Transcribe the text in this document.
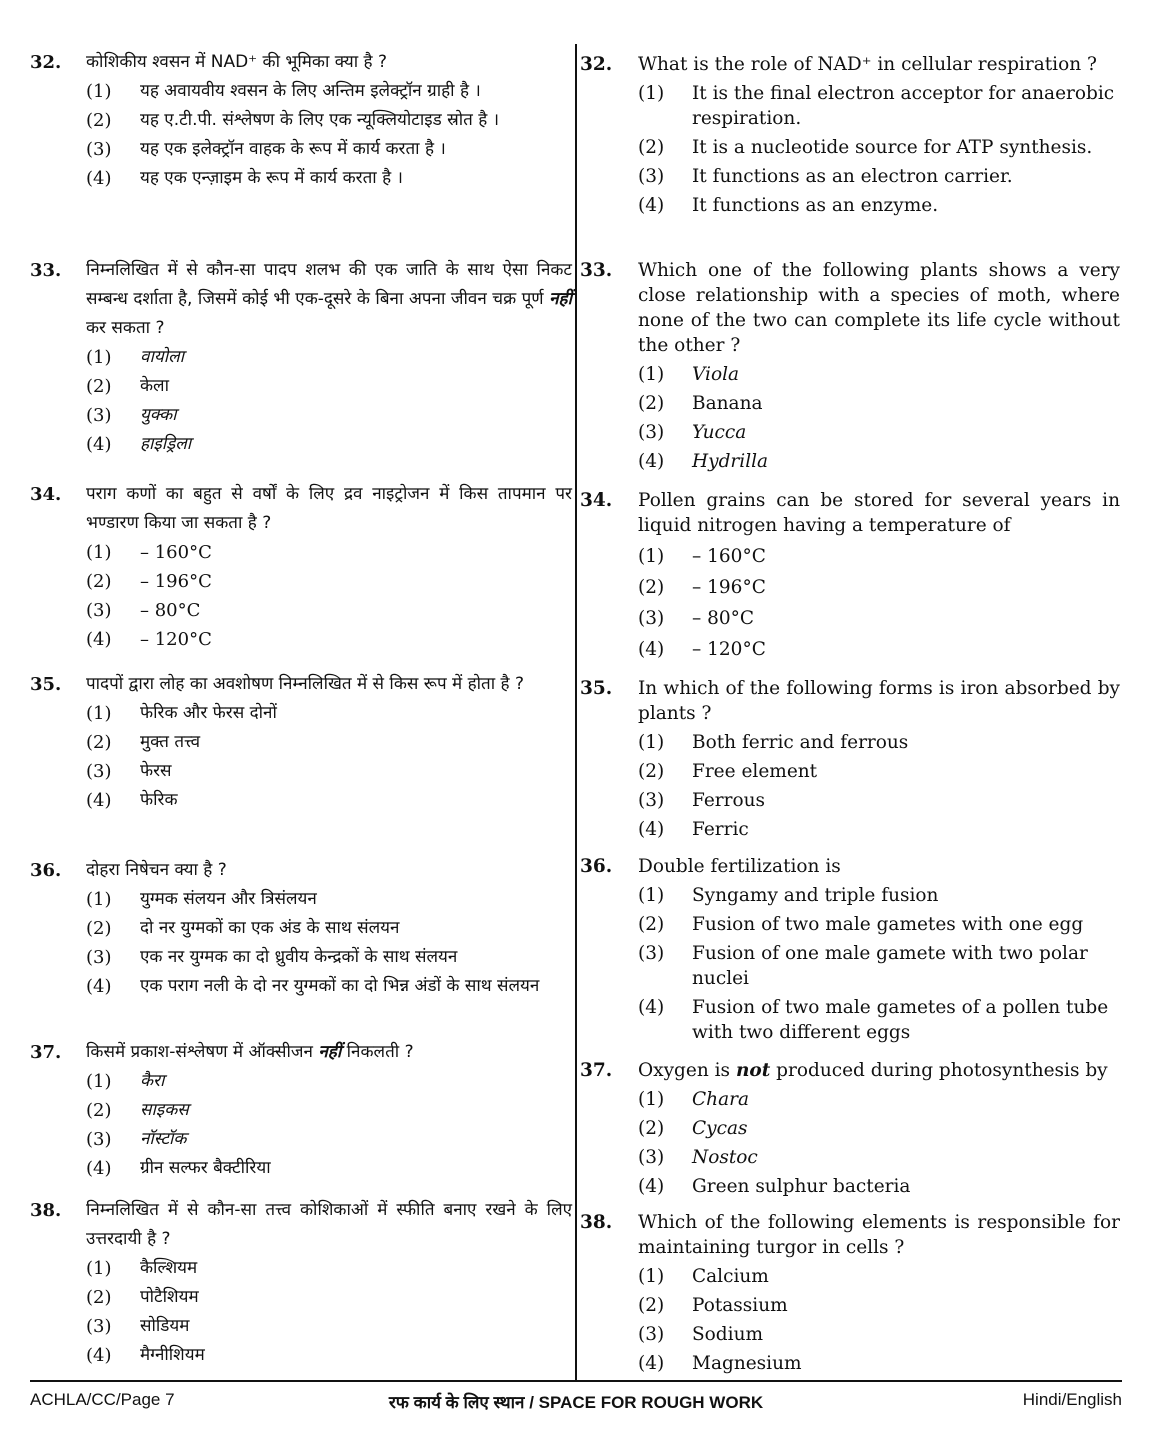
32.	कोशिकीय श्वसन में NAD⁺ की भूमिका क्या है ?
(1)	यह अवायवीय श्वसन के लिए अन्तिम इलेक्ट्रॉन ग्राही है ।
(2)	यह ए.टी.पी. संश्लेषण के लिए एक न्यूक्लियोटाइड स्रोत है ।
(3)	यह एक इलेक्ट्रॉन वाहक के रूप में कार्य करता है ।
(4)	यह एक एन्ज़ाइम के रूप में कार्य करता है ।
33.	निम्नलिखित में से कौन-सा पादप शलभ की एक जाति के साथ ऐसा निकट सम्बन्ध दर्शाता है, जिसमें कोई भी एक-दूसरे के बिना अपना जीवन चक्र पूर्ण नहीं कर सकता ?
(1)	वायोला
(2)	केला
(3)	युक्का
(4)	हाइड्रिला
34.	पराग कणों का बहुत से वर्षों के लिए द्रव नाइट्रोजन में किस तापमान पर भण्डारण किया जा सकता है ?
(1)	– 160°C
(2)	– 196°C
(3)	– 80°C
(4)	– 120°C
35.	पादपों द्वारा लोह का अवशोषण निम्नलिखित में से किस रूप में होता है ?
(1)	फेरिक और फेरस दोनों
(2)	मुक्त तत्त्व
(3)	फेरस
(4)	फेरिक
36.	दोहरा निषेचन क्या है ?
(1)	युग्मक संलयन और त्रिसंलयन
(2)	दो नर युग्मकों का एक अंड के साथ संलयन
(3)	एक नर युग्मक का दो ध्रुवीय केन्द्रकों के साथ संलयन
(4)	एक पराग नली के दो नर युग्मकों का दो भिन्न अंडों के साथ संलयन
37.	किसमें प्रकाश-संश्लेषण में ऑक्सीजन नहीं निकलती ?
(1)	कैरा
(2)	साइकस
(3)	नॉस्टॉक
(4)	ग्रीन सल्फर बैक्टीरिया
38.	निम्नलिखित में से कौन-सा तत्त्व कोशिकाओं में स्फीति बनाए रखने के लिए उत्तरदायी है ?
(1)	कैल्शियम
(2)	पोटैशियम
(3)	सोडियम
(4)	मैग्नीशियम
32.	What is the role of NAD⁺ in cellular respiration ?
(1)	It is the final electron acceptor for anaerobic respiration.
(2)	It is a nucleotide source for ATP synthesis.
(3)	It functions as an electron carrier.
(4)	It functions as an enzyme.
33.	Which one of the following plants shows a very close relationship with a species of moth, where none of the two can complete its life cycle without the other ?
(1)	Viola
(2)	Banana
(3)	Yucca
(4)	Hydrilla
34.	Pollen grains can be stored for several years in liquid nitrogen having a temperature of
(1)	– 160°C
(2)	– 196°C
(3)	– 80°C
(4)	– 120°C
35.	In which of the following forms is iron absorbed by plants ?
(1)	Both ferric and ferrous
(2)	Free element
(3)	Ferrous
(4)	Ferric
36.	Double fertilization is
(1)	Syngamy and triple fusion
(2)	Fusion of two male gametes with one egg
(3)	Fusion of one male gamete with two polar nuclei
(4)	Fusion of two male gametes of a pollen tube with two different eggs
37.	Oxygen is not produced during photosynthesis by
(1)	Chara
(2)	Cycas
(3)	Nostoc
(4)	Green sulphur bacteria
38.	Which of the following elements is responsible for maintaining turgor in cells ?
(1)	Calcium
(2)	Potassium
(3)	Sodium
(4)	Magnesium
ACHLA/CC/Page 7	रफ कार्य के लिए स्थान / SPACE FOR ROUGH WORK	Hindi/English
